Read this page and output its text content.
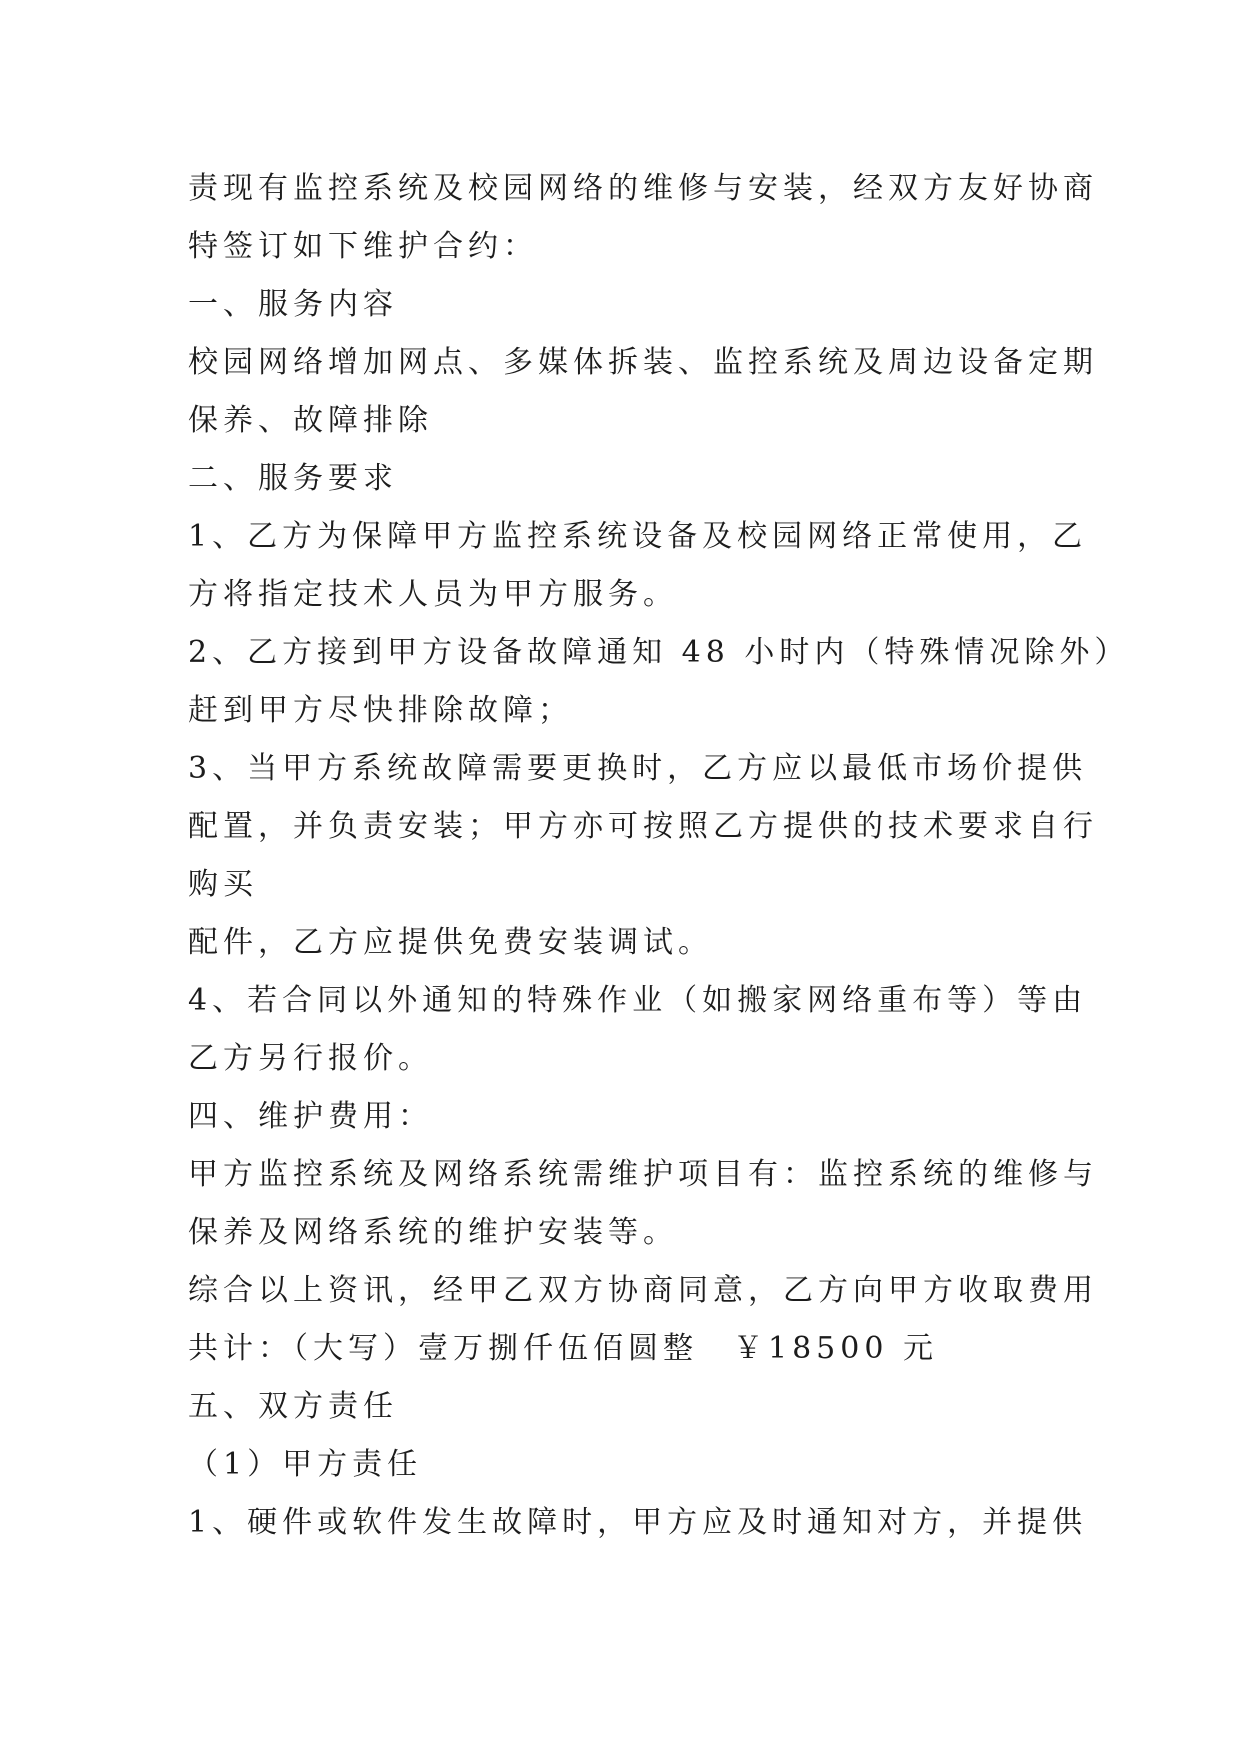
责现有监控系统及校园网络的维修与安装，经双方友好协商

特签订如下维护合约：

一、服务内容

校园网络增加网点、多媒体拆装、监控系统及周边设备定期

保养、故障排除

二、服务要求

1、乙方为保障甲方监控系统设备及校园网络正常使用，乙

方将指定技术人员为甲方服务。

2、乙方接到甲方设备故障通知 48 小时内（特殊情况除外）

赶到甲方尽快排除故障；

3、当甲方系统故障需要更换时，乙方应以最低市场价提供

配置，并负责安装；甲方亦可按照乙方提供的技术要求自行

购买

配件，乙方应提供免费安装调试。

4、若合同以外通知的特殊作业（如搬家网络重布等）等由

乙方另行报价。

四、维护费用：

甲方监控系统及网络系统需维护项目有：监控系统的维修与

保养及网络系统的维护安装等。

综合以上资讯，经甲乙双方协商同意，乙方向甲方收取费用

共计：（大写）壹万捌仟伍佰圆整　￥18500 元

五、双方责任

（1）甲方责任

1、硬件或软件发生故障时，甲方应及时通知对方，并提供
